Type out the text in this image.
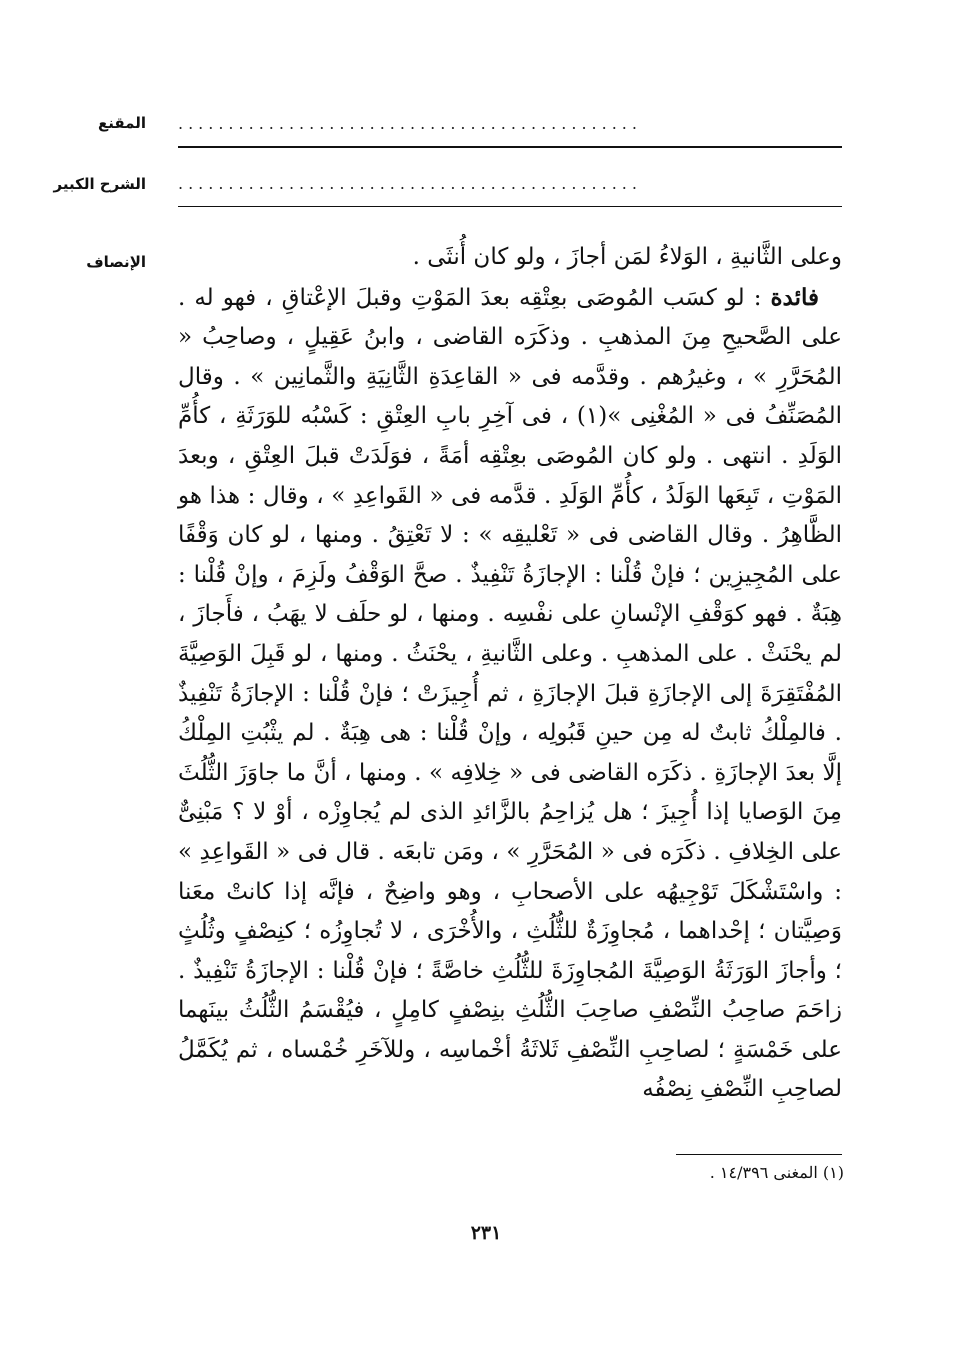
المقنع
الشرح الكبير
الإنصاف
..............................................
..............................................

وعلى الثَّانيةِ ، الوَلاءُ لمَن أجازَ ، ولو كان أُنثَى .

 فائدة : لو كسَب المُوصَى بعِتْقِه بعدَ المَوْتِ وقبلَ الإعْتاقِ ، فهو له . على الصَّحيحِ مِنَ المذهبِ . وذكَرَه القاضى ، وابنُ عَقِيلٍ ، وصاحِبُ « المُحَرَّرِ » ، وغيرُهم . وقدَّمه فى « القاعِدَةِ الثَّانِيَةِ والثَّمانِين » . وقال المُصَنِّفُ فى « المُغْنِى »(١) ، فى آخِرِ بابِ العِتْقِ : كَسْبُه للوَرَثَةِ ، كأُمِّ الوَلَدِ . انتهى . ولو كان المُوصَى بعِتْقِه أمَةً ، فوَلَدَتْ قبلَ العِتْقِ ، وبعدَ المَوْتِ ، تَبِعَها الوَلَدُ ، كأُمِّ الوَلَدِ . قدَّمه فى « القَواعِدِ » ، وقال : هذا هو الظَّاهِرُ . وقال القاضى فى « تَعْليقِه » : لا تَعْتِقُ . ومنها ، لو كان وَقْفًا على المُجِيزِين ؛ فإنْ قُلْنا : الإجازَةُ تَنْفِيذٌ . صحَّ الوَقْفُ ولَزِمَ ، وإنْ قُلْنا : هِبَةٌ . فهو كوَقْفِ الإنْسانِ على نفْسِه . ومنها ، لو حلَف لا يهَبُ ، فأَجازَ ، لم يحْنَثْ . على المذهبِ . وعلى الثَّانيةِ ، يحْنَثُ . ومنها ، لو قَبِلَ الوَصِيَّةَ المُفْتَقِرَةَ إلى الإجازَةِ قبلَ الإجازَةِ ، ثم أُجِيزَتْ ؛ فإنْ قُلْنا : الإجازَةُ تَنْفِيذٌ . فالمِلْكُ ثابتٌ له مِن حينِ قَبُولِه ، وإنْ قُلْنا : هى هِبَةٌ . لم يثْبُتِ المِلْكُ إلَّا بعدَ الإجازَةِ . ذكَرَه القاضى فى « خِلافِه » . ومنها ، أنَّ ما جاوَزَ الثُّلُثَ مِنَ الوَصايا إذا أُجِيزَ ؛ هل يُزاحِمُ بالزَّائدِ الذى لم يُجاوِزْه ، أوْ لا ؟ مَبْنِىٌّ على الخِلافِ . ذكَرَه فى « المُحَرَّرِ » ، ومَن تابعَه . قال فى « القَواعِدِ » : واسْتَشْكَلَ تَوْجِيهُه على الأصحابِ ، وهو واضِحٌ ، فإنَّه إذا كانتْ معَنا وَصِيَّتان ؛ إحْداهما ، مُجاوِزَةٌ للثُّلُثِ ، والأُخْرَى ، لا تُجاوِزُه ؛ كنِصْفٍ وثُلُثٍ ؛ وأجازَ الوَرَثَةُ الوَصِيَّةَ المُجاوِزَةَ للثُّلُثِ خاصَّةً ؛ فإنْ قُلْنا : الإجازَةُ تَنْفِيذٌ . زاحَمَ صاحِبُ النِّصْفِ صاحِبَ الثُّلُثِ بنِصْفٍ كامِلٍ ، فيُقْسَمُ الثُّلُثُ بينَهما على خَمْسَةٍ ؛ لصاحِبِ النِّصْفِ ثَلاثَةُ أخْماسِه ، وللآخَرِ خُمْساه ، ثم يُكَمَّلُ لصاحِبِ النِّصْفِ نِصْفُه

(١) المغنى ١٤/٣٩٦ .
٢٣١
